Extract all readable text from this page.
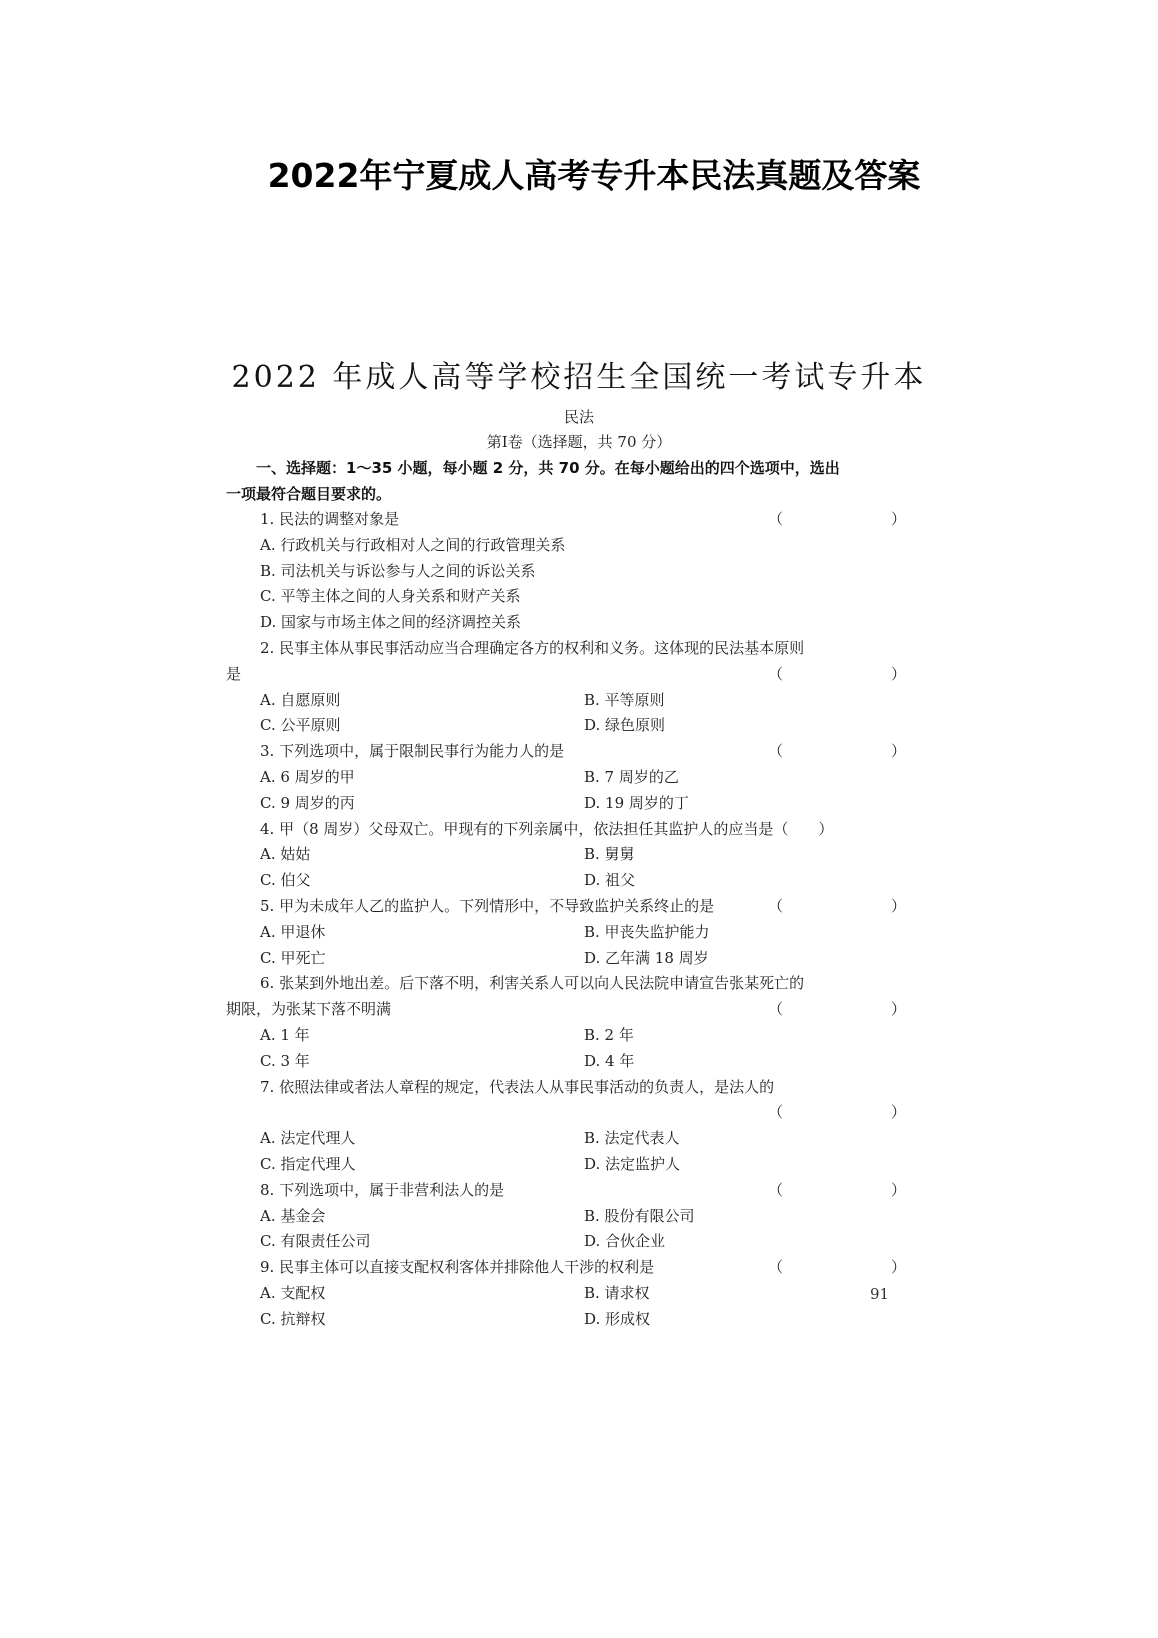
2022年宁夏成人高考专升本民法真题及答案
2022 年成人高等学校招生全国统一考试专升本
民法
第Ⅰ卷（选择题，共 70 分）
一、选择题：1～35 小题，每小题 2 分，共 70 分。在每小题给出的四个选项中，选出
一项最符合题目要求的。
1. 民法的调整对象是	（　　）
A. 行政机关与行政相对人之间的行政管理关系
B. 司法机关与诉讼参与人之间的诉讼关系
C. 平等主体之间的人身关系和财产关系
D. 国家与市场主体之间的经济调控关系
2. 民事主体从事民事活动应当合理确定各方的权利和义务。这体现的民法基本原则
是	（　　）
A. 自愿原则	B. 平等原则
C. 公平原则	D. 绿色原则
3. 下列选项中，属于限制民事行为能力人的是	（　　）
A. 6 周岁的甲	B. 7 周岁的乙
C. 9 周岁的丙	D. 19 周岁的丁
4. 甲（8 周岁）父母双亡。甲现有的下列亲属中，依法担任其监护人的应当是（　　）
A. 姑姑	B. 舅舅
C. 伯父	D. 祖父
5. 甲为未成年人乙的监护人。下列情形中，不导致监护关系终止的是	（　　）
A. 甲退休	B. 甲丧失监护能力
C. 甲死亡	D. 乙年满 18 周岁
6. 张某到外地出差。后下落不明，利害关系人可以向人民法院申请宣告张某死亡的
期限，为张某下落不明满	（　　）
A. 1 年	B. 2 年
C. 3 年	D. 4 年
7. 依照法律或者法人章程的规定，代表法人从事民事活动的负责人，是法人的
（　　）
A. 法定代理人	B. 法定代表人
C. 指定代理人	D. 法定监护人
8. 下列选项中，属于非营利法人的是	（　　）
A. 基金会	B. 股份有限公司
C. 有限责任公司	D. 合伙企业
9. 民事主体可以直接支配权利客体并排除他人干涉的权利是	（　　）
A. 支配权	B. 请求权
C. 抗辩权	D. 形成权
91
